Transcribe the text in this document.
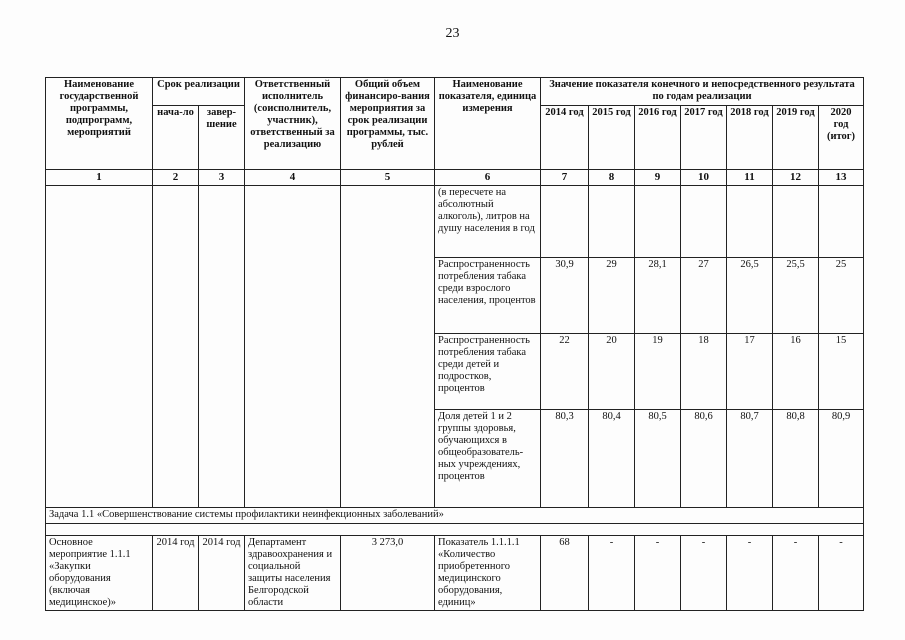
23
Наименование государственной программы, подпрограмм, мероприятий	Срок реализации		Ответственный исполнитель (соисполнитель, участник), ответственный за реализацию	Общий объем финансиро-вания мероприятия за срок реализации программы, тыс. рублей	Наименование показателя, единица измерения	Значение показателя конечного и непосредственного результата по годам реализации						
	нача-ло	завер-шение				2014 год	2015 год	2016 год	2017 год	2018 год	2019 год	2020 год (итог)
1	2	3	4	5	6	7	8	9	10	11	12	13
					(в пересчете на абсолютный алкоголь), литров на душу населения в год							
					Распространенность потребления табака среди взрослого населения, процентов	30,9	29	28,1	27	26,5	25,5	25
					Распространенность потребления табака среди детей и подростков, процентов	22	20	19	18	17	16	15
					Доля детей 1 и 2 группы здоровья, обучающихся в общеобразователь-ных учреждениях, процентов	80,3	80,4	80,5	80,6	80,7	80,8	80,9
Задача 1.1 «Совершенствование системы профилактики неинфекционных заболеваний»												

Основное мероприятие 1.1.1 «Закупки оборудования (включая медицинское)»	2014 год	2014 год	Департамент здравоохранения и социальной защиты населения Белгородской области	3 273,0	Показатель 1.1.1.1 «Количество приобретенного медицинского оборудования, единиц»	68	-	-	-	-	-	-
